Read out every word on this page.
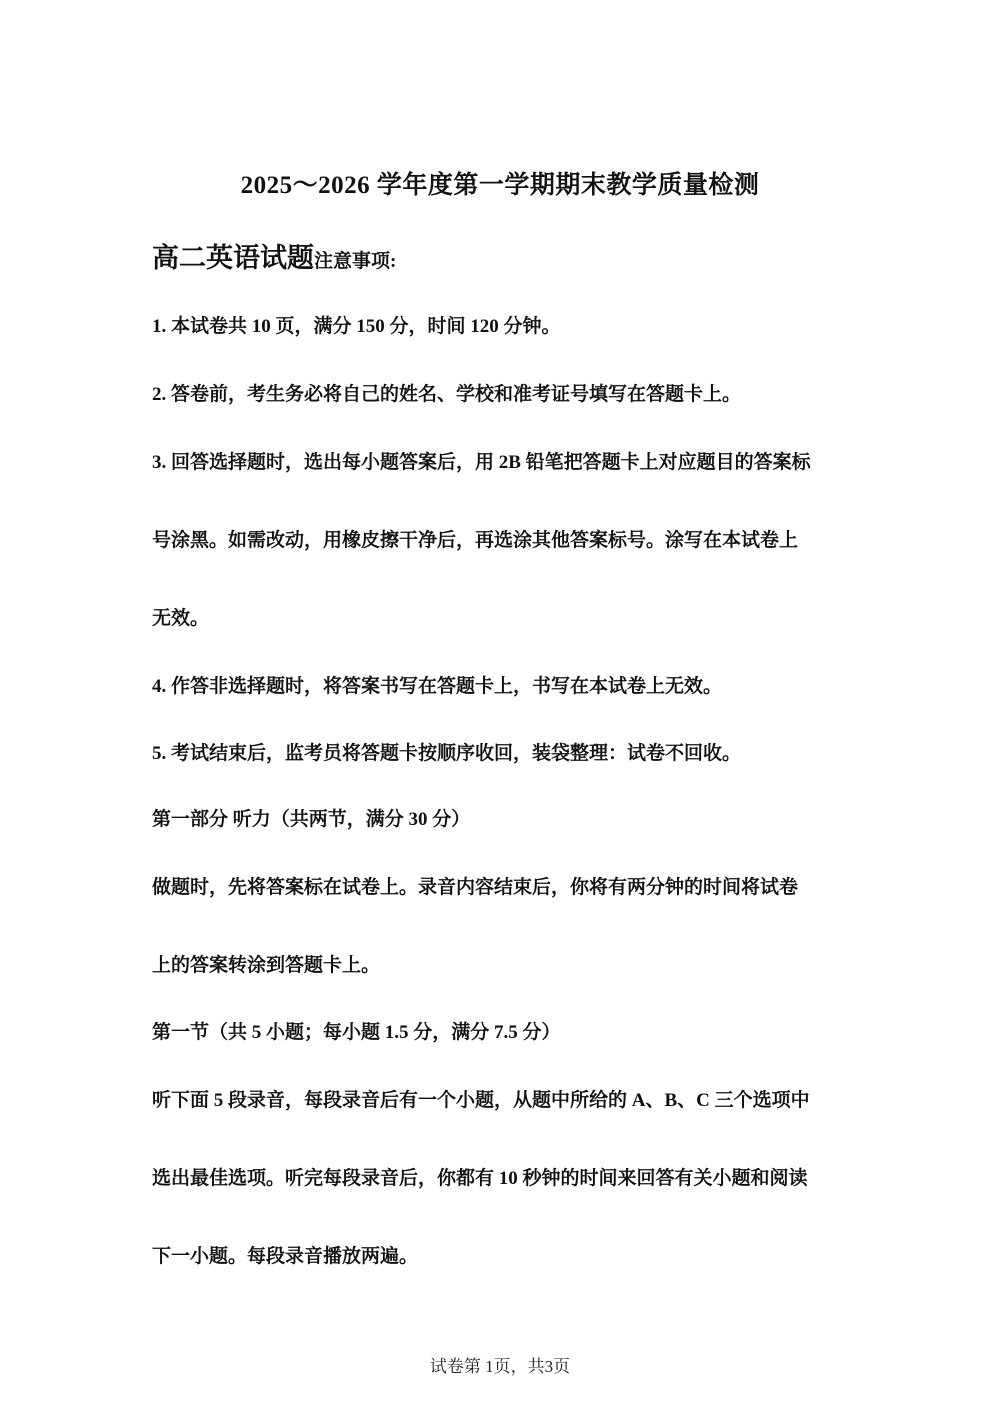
2025～2026 学年度第一学期期末教学质量检测
高二英语试题注意事项:
1. 本试卷共 10 页，满分 150 分，时间 120 分钟。
2. 答卷前，考生务必将自己的姓名、学校和准考证号填写在答题卡上。
3. 回答选择题时，选出每小题答案后，用 2B 铅笔把答题卡上对应题目的答案标
号涂黑。如需改动，用橡皮擦干净后，再选涂其他答案标号。涂写在本试卷上
无效。
4. 作答非选择题时，将答案书写在答题卡上，书写在本试卷上无效。
5. 考试结束后，监考员将答题卡按顺序收回，装袋整理：试卷不回收。
第一部分 听力（共两节，满分 30 分）
做题时，先将答案标在试卷上。录音内容结束后，你将有两分钟的时间将试卷
上的答案转涂到答题卡上。
第一节（共 5 小题；每小题 1.5 分，满分 7.5 分）
听下面 5 段录音，每段录音后有一个小题，从题中所给的 A、B、C 三个选项中
选出最佳选项。听完每段录音后，你都有 10 秒钟的时间来回答有关小题和阅读
下一小题。每段录音播放两遍。
试卷第 1页，共3页
